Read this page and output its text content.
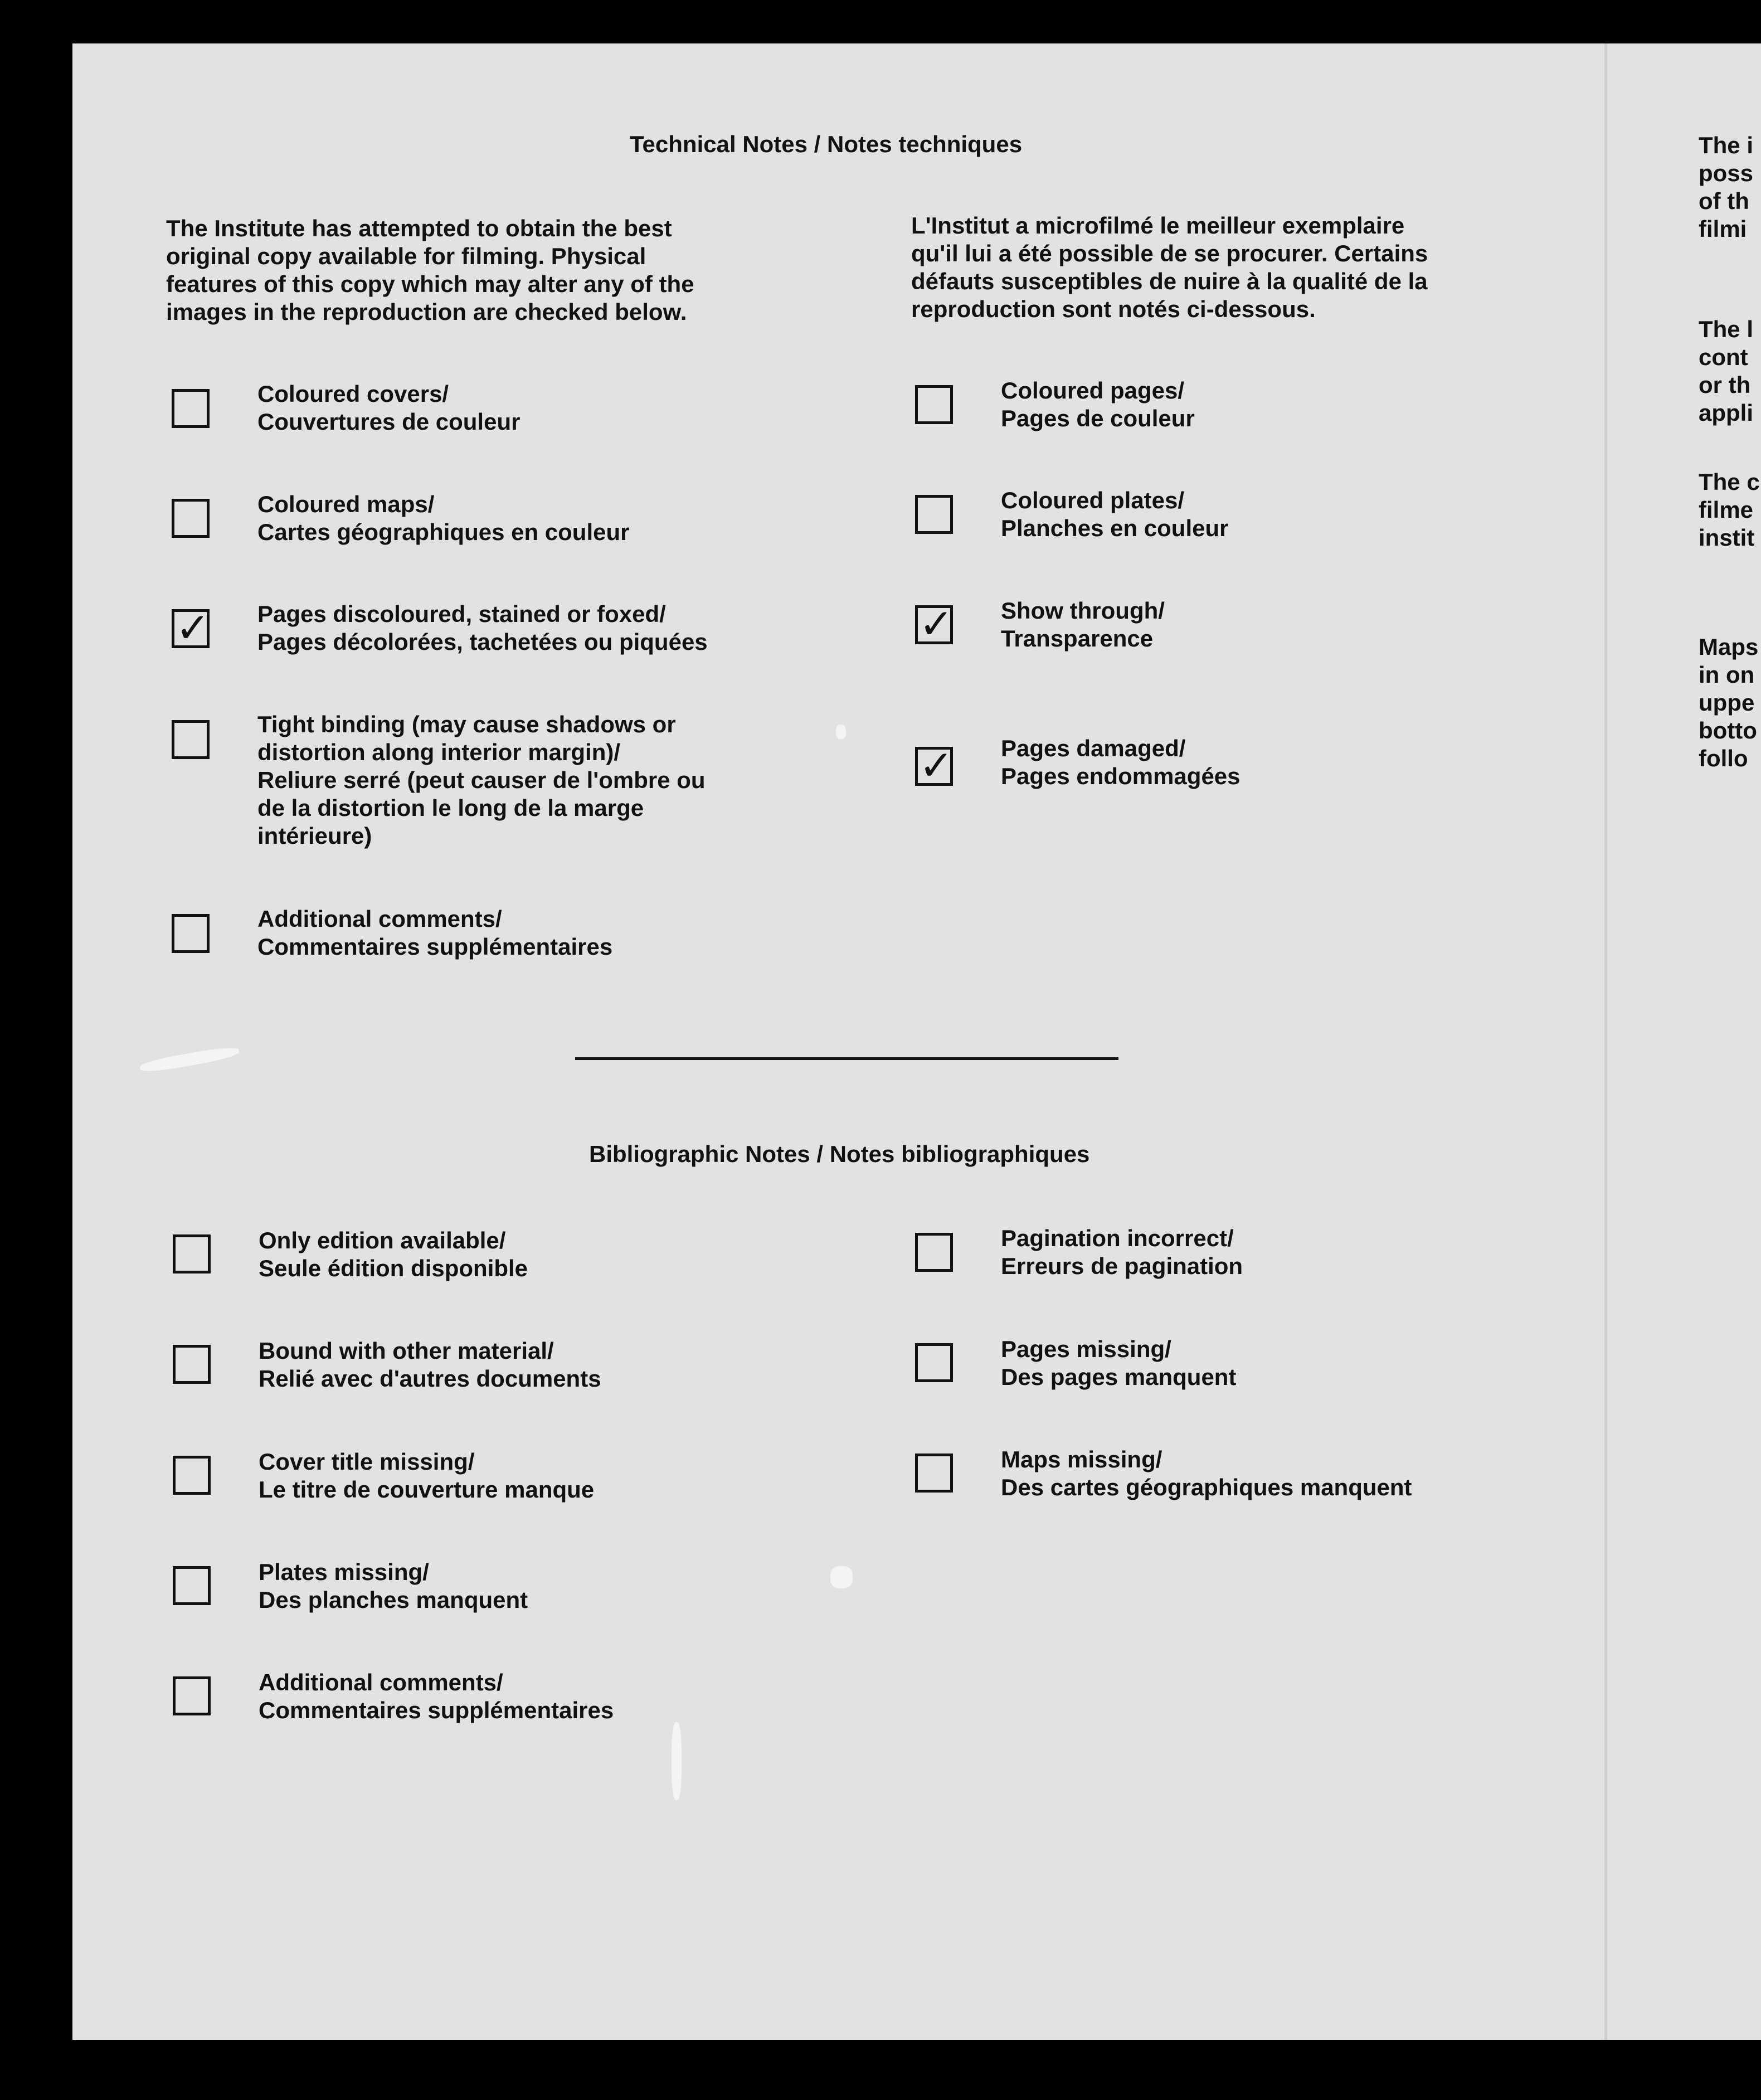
Technical Notes / Notes techniques
The Institute has attempted to obtain the best
original copy available for filming. Physical
features of this copy which may alter any of the
images in the reproduction are checked below.
L'Institut a microfilmé le meilleur exemplaire
qu'il lui a été possible de se procurer. Certains
défauts susceptibles de nuire à la qualité de la
reproduction sont notés ci-dessous.
Coloured covers/
Couvertures de couleur
Coloured maps/
Cartes géographiques en couleur
✓ Pages discoloured, stained or foxed/
Pages décolorées, tachetées ou piquées
Tight binding (may cause shadows or
distortion along interior margin)/
Reliure serré (peut causer de l'ombre ou
de la distortion le long de la marge
intérieure)
Additional comments/
Commentaires supplémentaires
Coloured pages/
Pages de couleur
Coloured plates/
Planches en couleur
✓ Show through/
Transparence
✓ Pages damaged/
Pages endommagées
Bibliographic Notes / Notes bibliographiques
Only edition available/
Seule édition disponible
Bound with other material/
Relié avec d'autres documents
Cover title missing/
Le titre de couverture manque
Plates missing/
Des planches manquent
Additional comments/
Commentaires supplémentaires
Pagination incorrect/
Erreurs de pagination
Pages missing/
Des pages manquent
Maps missing/
Des cartes géographiques manquent
The i
poss
of th
filmi
The l
cont
or th
appli
The c
filme
instit
Maps
in on
uppe
botto
follo
